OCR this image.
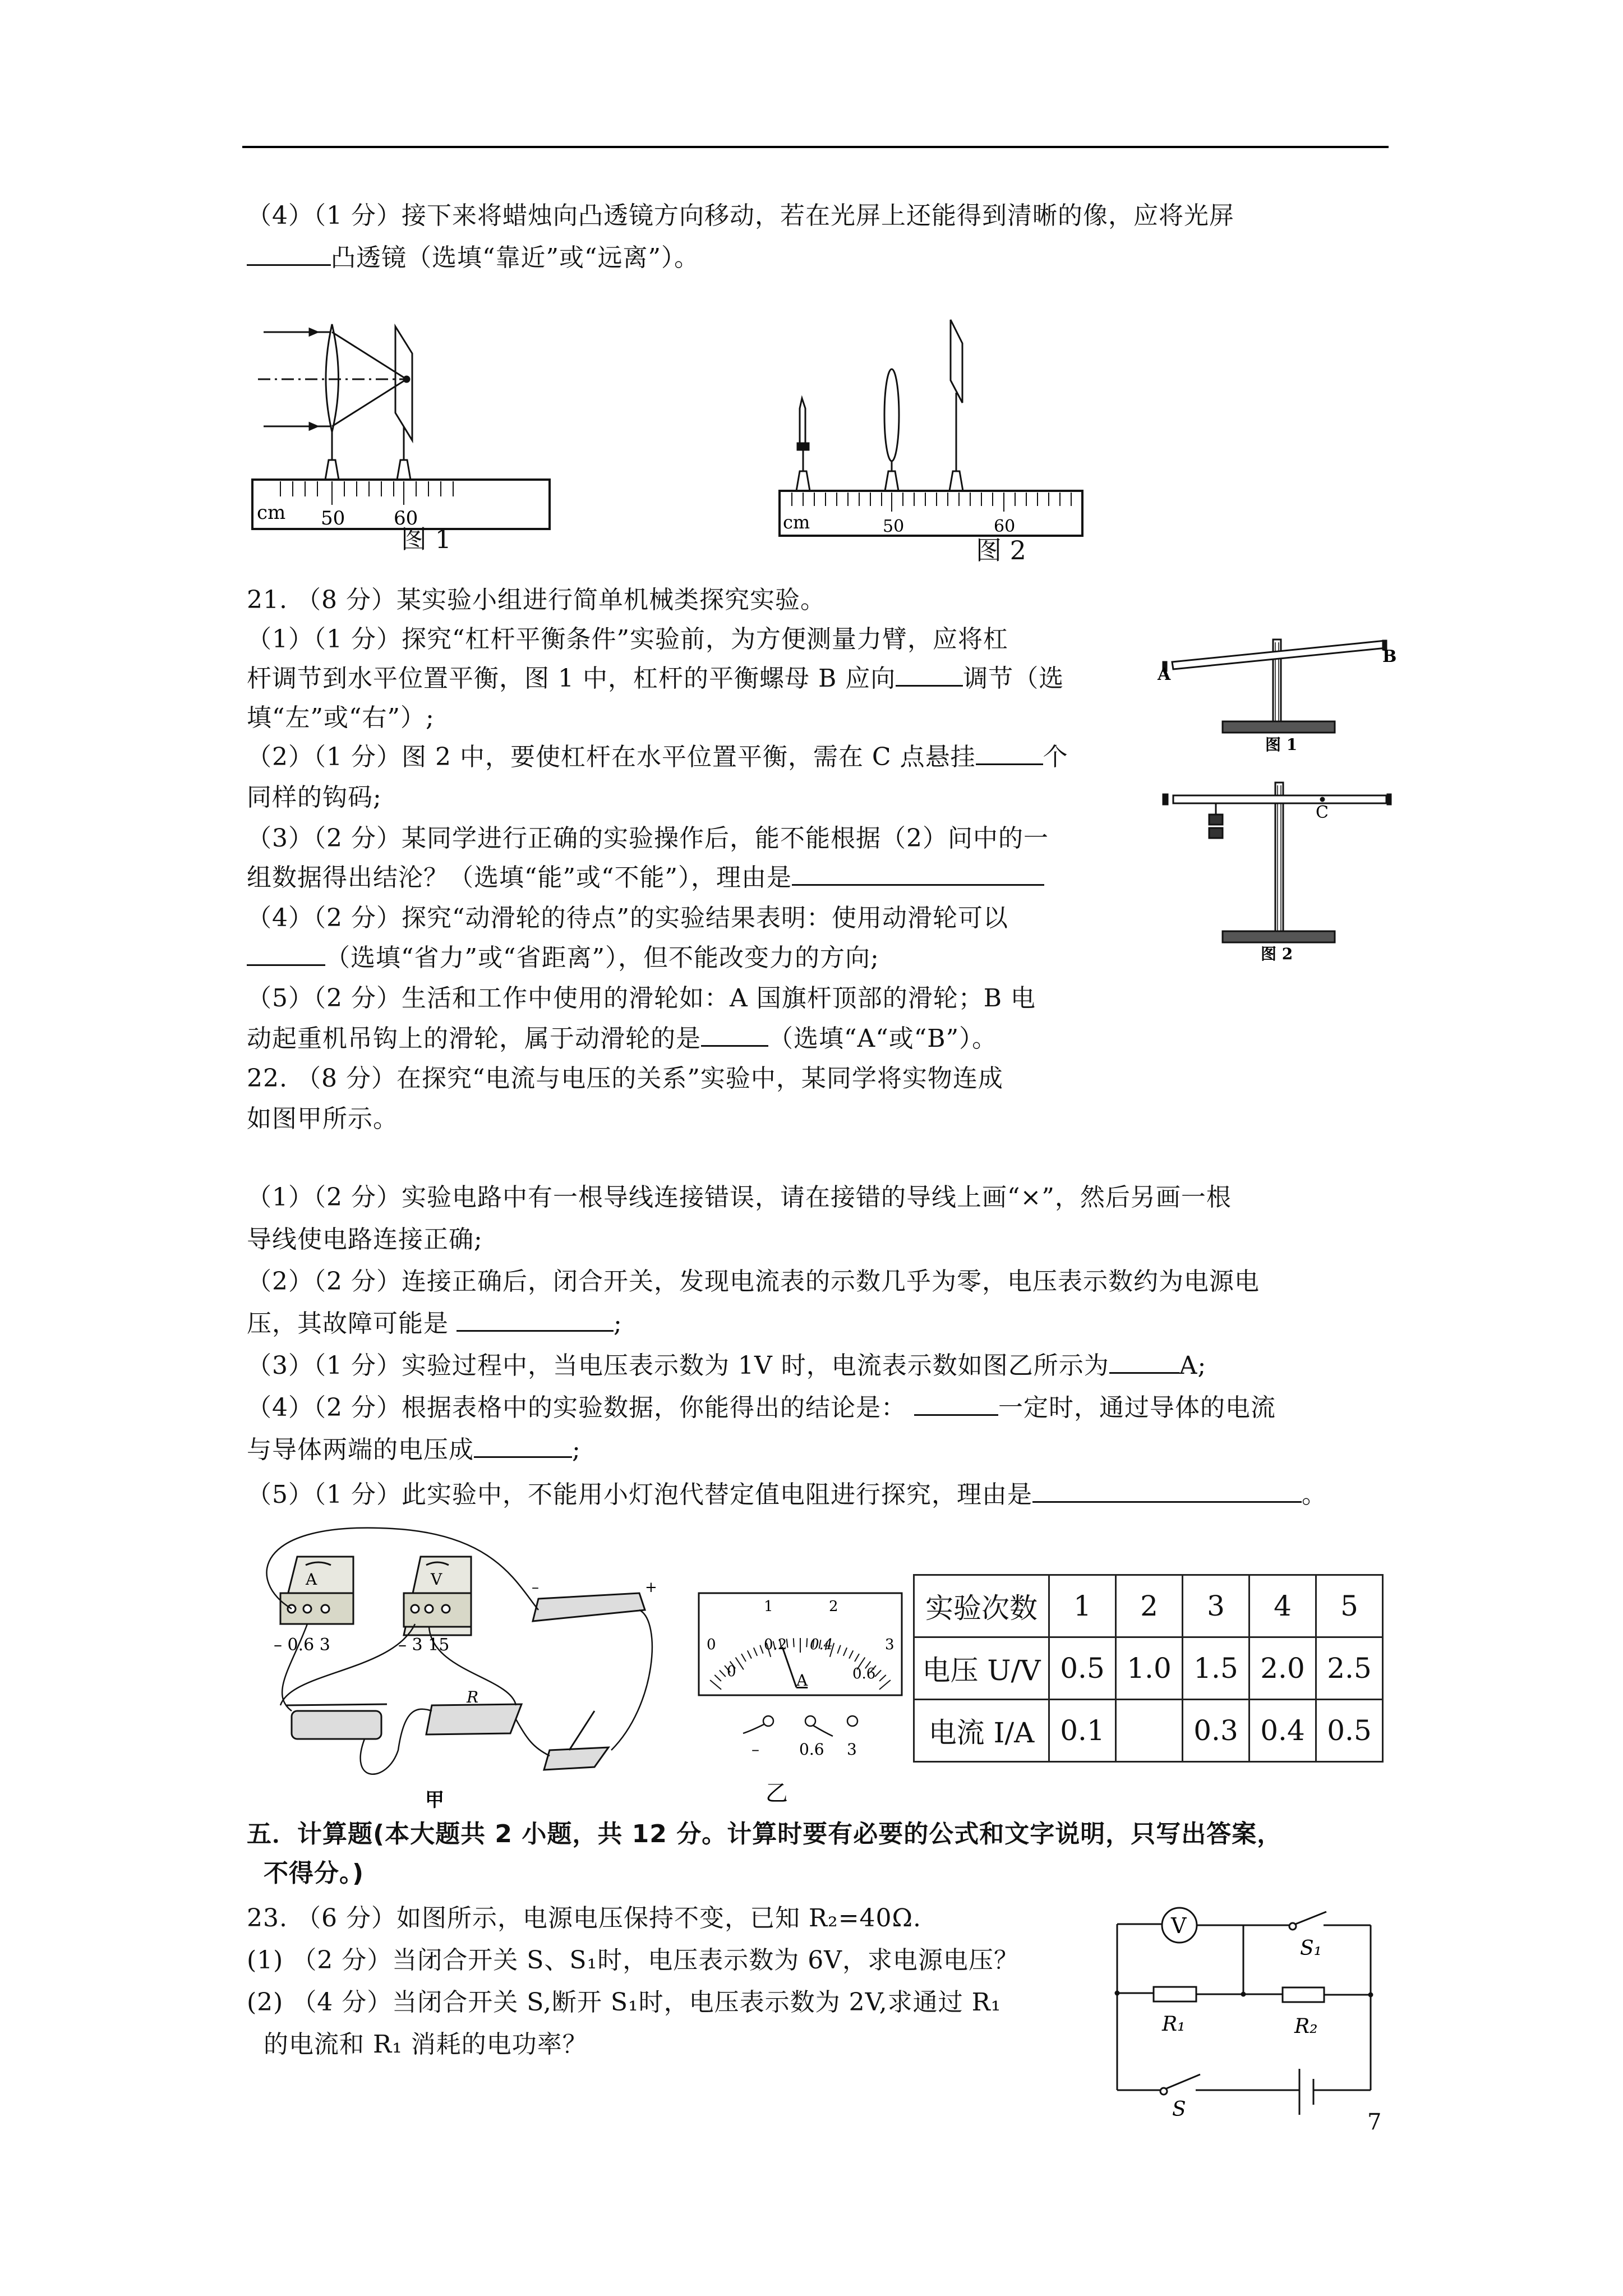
（4）（1 分）接下来将蜡烛向凸透镜方向移动，若在光屏上还能得到清晰的像，应将光屏
凸透镜（选填“靠近”或“远离”）。
cm 50	60
图 1
cm	50	60
图 2
21. （8 分）某实验小组进行简单机械类探究实验。
（1）（1 分）探究“杠杆平衡条件”实验前，为方便测量力臂，应将杠
杆调节到水平位置平衡，图 1 中，杠杆的平衡螺母 B 应向	调节（选
填“左”或“右”）;
（2）（1 分）图 2 中，要使杠杆在水平位置平衡，需在 C 点悬挂	个
同样的钩码;
（3）（2 分）某同学进行正确的实验操作后，能不能根据（2）问中的一
组数据得出结沦？（选填“能”或“不能”），理由是
（4）（2 分）探究“动滑轮的待点”的实验结果表明：使用动滑轮可以
（选填“省力”或“省距离”），但不能改变力的方向;
（5）（2 分）生活和工作中使用的滑轮如：A 国旗杆顶部的滑轮；B 电
动起重机吊钩上的滑轮，属于动滑轮的是	（选填“A“或“B”）。
A
B
图 1
C
图 2
22. （8 分）在探究“电流与电压的关系”实验中，某同学将实物连成
如图甲所示。
（1）（2 分）实验电路中有一根导线连接错误，请在接错的导线上画“×”，然后另画一根
导线使电路连接正确;
（2）（2 分）连接正确后，闭合开关，发现电流表的示数几乎为零，电压表示数约为电源电
压，其故障可能是	;
（3）（1 分）实验过程中，当电压表示数为 1V 时，电流表示数如图乙所示为	A;
（4）（2 分）根据表格中的实验数据，你能得出的结论是：	一定时，通过导体的电流
与导体两端的电压成	;
（5）（1 分）此实验中，不能用小灯泡代替定值电阻进行探究，理由是	。
A	V
– 0.6 3	– 3 15
R
–	+
甲
0
1	2
3
0
0.2 0.4
0.6
A
–	0.6 3
乙
实验次数	1	2	3	4	5
电压 U/V	0.5	1.0	1.5	2.0	2.5
电流 I/A	0.1		0.3	0.4	0.5
五．计算题(本大题共 2 小题，共 12 分。计算时要有必要的公式和文字说明，只写出答案，
不得分。)
23. （6 分）如图所示，电源电压保持不变，已知 R₂=40Ω.
(1) （2 分）当闭合开关 S、S₁时，电压表示数为 6V，求电源电压？
(2) （4 分）当闭合开关 S,断开 S₁时，电压表示数为 2V,求通过 R₁
的电流和 R₁ 消耗的电功率？
V
S₁
R₁	R₂
S	7
